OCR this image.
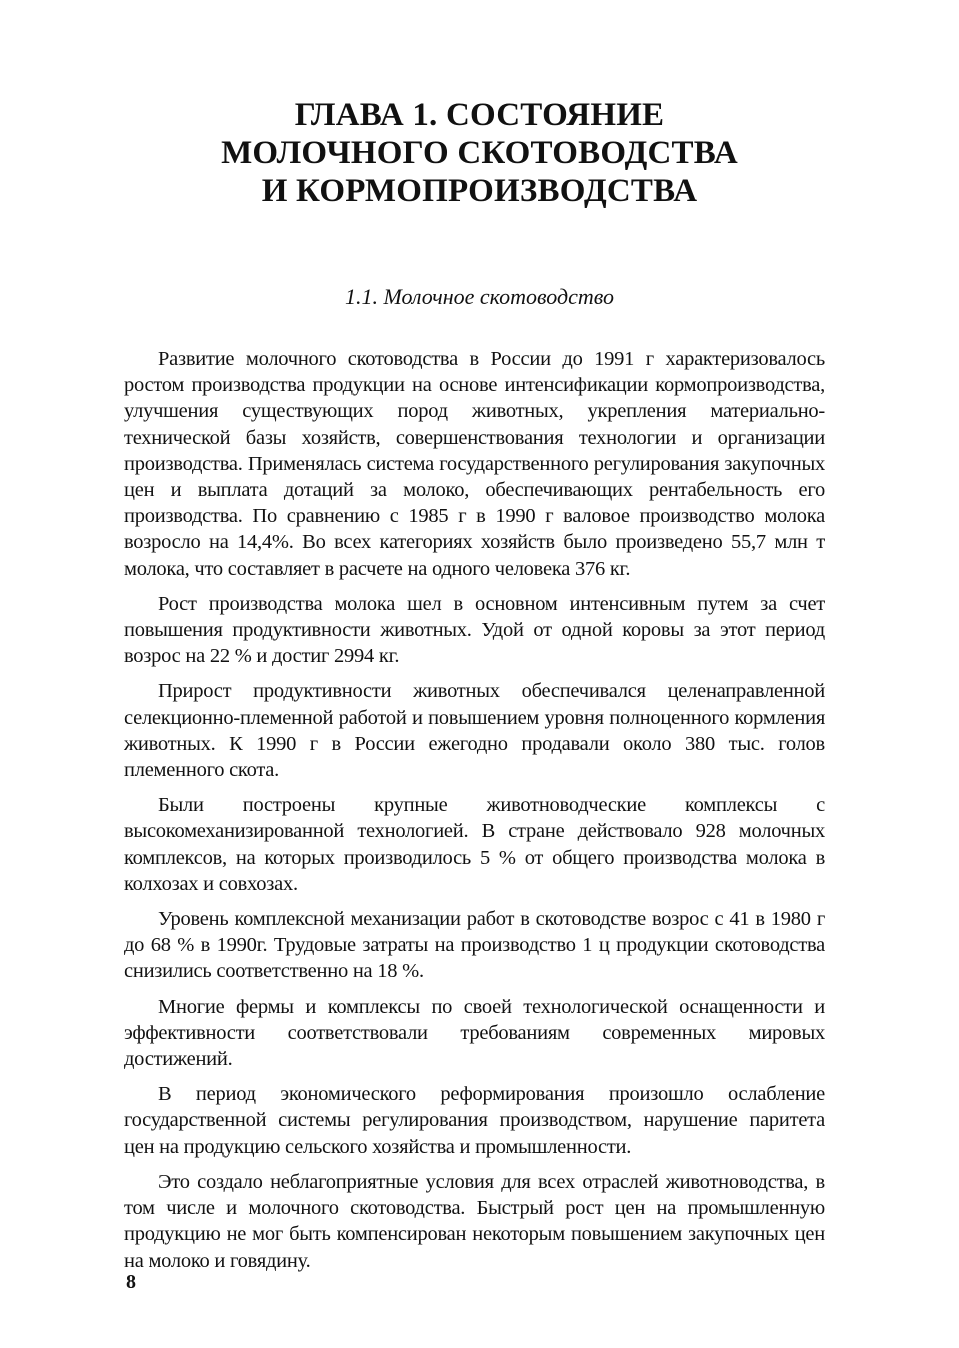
ГЛАВА 1. СОСТОЯНИЕ
МОЛОЧНОГО СКОТОВОДСТВА
И КОРМОПРОИЗВОДСТВА
1.1. Молочное скотоводство

Развитие молочного скотоводства в России до 1991 г характеризовалось ростом производства продукции на основе интенсификации кормопроизводства, улучшения существующих пород животных, укрепления материально-технической базы хозяйств, совершенствования технологии и организации производства. Применялась система государственного регулирования закупочных цен и выплата дотаций за молоко, обеспечивающих рентабельность его производства. По сравнению с 1985 г в 1990 г валовое производство молока возросло на 14,4%. Во всех категориях хозяйств было произведено 55,7 млн т молока, что составляет в расчете на одного человека 376 кг.

Рост производства молока шел в основном интенсивным путем за счет повышения продуктивности животных. Удой от одной коровы за этот период возрос на 22 % и достиг 2994 кг.

Прирост продуктивности животных обеспечивался целенаправленной селекционно-племенной работой и повышением уровня полноценного кормления животных. К 1990 г в России ежегодно продавали около 380 тыс. голов племенного скота.

Были построены крупные животноводческие комплексы с высокомеханизированной технологией. В стране действовало 928 молочных комплексов, на которых производилось 5 % от общего производства молока в колхозах и совхозах.

Уровень комплексной механизации работ в скотоводстве возрос с 41 в 1980 г до 68 % в 1990г. Трудовые затраты на производство 1 ц продукции скотоводства снизились соответственно на 18 %.

Многие фермы и комплексы по своей технологической оснащенности и эффективности соответствовали требованиям современных мировых достижений.

В период экономического реформирования произошло ослабление государственной системы регулирования производством, нарушение паритета цен на продукцию сельского хозяйства и промышленности.

Это создало неблагоприятные условия для всех отраслей животноводства, в том числе и молочного скотоводства. Быстрый рост цен на промышленную продукцию не мог быть компенсирован некоторым повышением закупочных цен на молоко и говядину.

8
